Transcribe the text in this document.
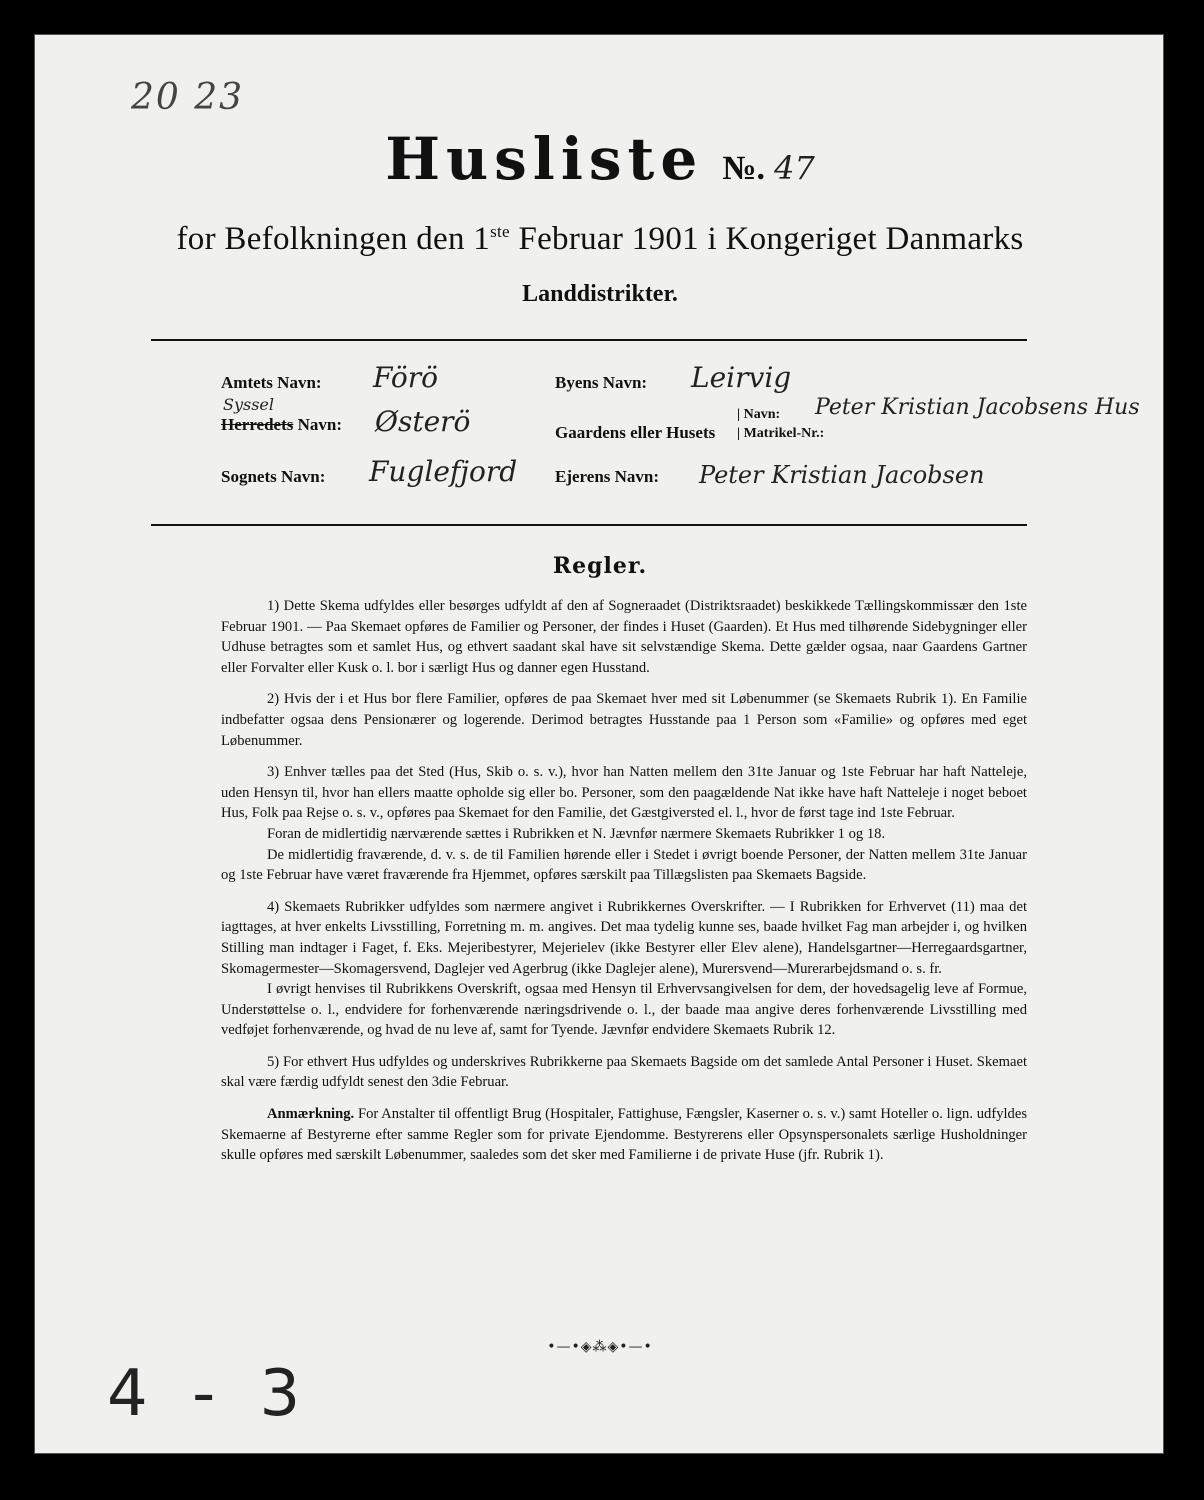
20 23
Husliste №. 47
for Befolkningen den 1ste Februar 1901 i Kongeriget Danmarks
Landdistrikter.
Amtets Navn: Förö
Syssel
Herredets Navn: Østerö
Sognets Navn: Fuglefjord
Byens Navn: Leirvig
Gaardens eller Husets
| Navn:
| Matrikel-Nr.:
Peter Kristian Jacobsens Hus
Ejerens Navn: Peter Kristian Jacobsen
Regler.

1) Dette Skema udfyldes eller besørges udfyldt af den af Sogneraadet (Distriktsraadet) beskikkede Tællingskommissær den 1ste Februar 1901. — Paa Skemaet opføres de Familier og Personer, der findes i Huset (Gaarden). Et Hus med tilhørende Sidebygninger eller Udhuse betragtes som et samlet Hus, og ethvert saadant skal have sit selvstændige Skema. Dette gælder ogsaa, naar Gaardens Gartner eller Forvalter eller Kusk o. l. bor i særligt Hus og danner egen Husstand.

2) Hvis der i et Hus bor flere Familier, opføres de paa Skemaet hver med sit Løbenummer (se Skemaets Rubrik 1). En Familie indbefatter ogsaa dens Pensionærer og logerende. Derimod betragtes Husstande paa 1 Person som «Familie» og opføres med eget Løbenummer.

3) Enhver tælles paa det Sted (Hus, Skib o. s. v.), hvor han Natten mellem den 31te Januar og 1ste Februar har haft Natteleje, uden Hensyn til, hvor han ellers maatte opholde sig eller bo. Personer, som den paagældende Nat ikke have haft Natteleje i noget beboet Hus, Folk paa Rejse o. s. v., opføres paa Skemaet for den Familie, det Gæstgiversted el. l., hvor de først tage ind 1ste Februar.

Foran de midlertidig nærværende sættes i Rubrikken et N. Jævnfør nærmere Skemaets Rubrikker 1 og 18.

De midlertidig fraværende, d. v. s. de til Familien hørende eller i Stedet i øvrigt boende Personer, der Natten mellem 31te Januar og 1ste Februar have været fraværende fra Hjemmet, opføres særskilt paa Tillægslisten paa Skemaets Bagside.

4) Skemaets Rubrikker udfyldes som nærmere angivet i Rubrikkernes Overskrifter. — I Rubrikken for Erhvervet (11) maa det iagttages, at hver enkelts Livsstilling, Forretning m. m. angives. Det maa tydelig kunne ses, baade hvilket Fag man arbejder i, og hvilken Stilling man indtager i Faget, f. Eks. Mejeribestyrer, Mejerielev (ikke Bestyrer eller Elev alene), Handelsgartner—Herregaardsgartner, Skomagermester—Skomagersvend, Daglejer ved Agerbrug (ikke Daglejer alene), Murersvend—Murerarbejdsmand o. s. fr.

I øvrigt henvises til Rubrikkens Overskrift, ogsaa med Hensyn til Erhvervsangivelsen for dem, der hovedsagelig leve af Formue, Understøttelse o. l., endvidere for forhenværende næringsdrivende o. l., der baade maa angive deres forhenværende Livsstilling med vedføjet forhenværende, og hvad de nu leve af, samt for Tyende. Jævnfør endvidere Skemaets Rubrik 12.

5) For ethvert Hus udfyldes og underskrives Rubrikkerne paa Skemaets Bagside om det samlede Antal Personer i Huset. Skemaet skal være færdig udfyldt senest den 3die Februar.

Anmærkning. For Anstalter til offentligt Brug (Hospitaler, Fattighuse, Fængsler, Kaserner o. s. v.) samt Hoteller o. lign. udfyldes Skemaerne af Bestyrerne efter samme Regler som for private Ejendomme. Bestyrerens eller Opsynspersonalets særlige Husholdninger skulle opføres med særskilt Løbenummer, saaledes som det sker med Familierne i de private Huse (jfr. Rubrik 1).

•—•◈⁂◈•—•
4 - 3
